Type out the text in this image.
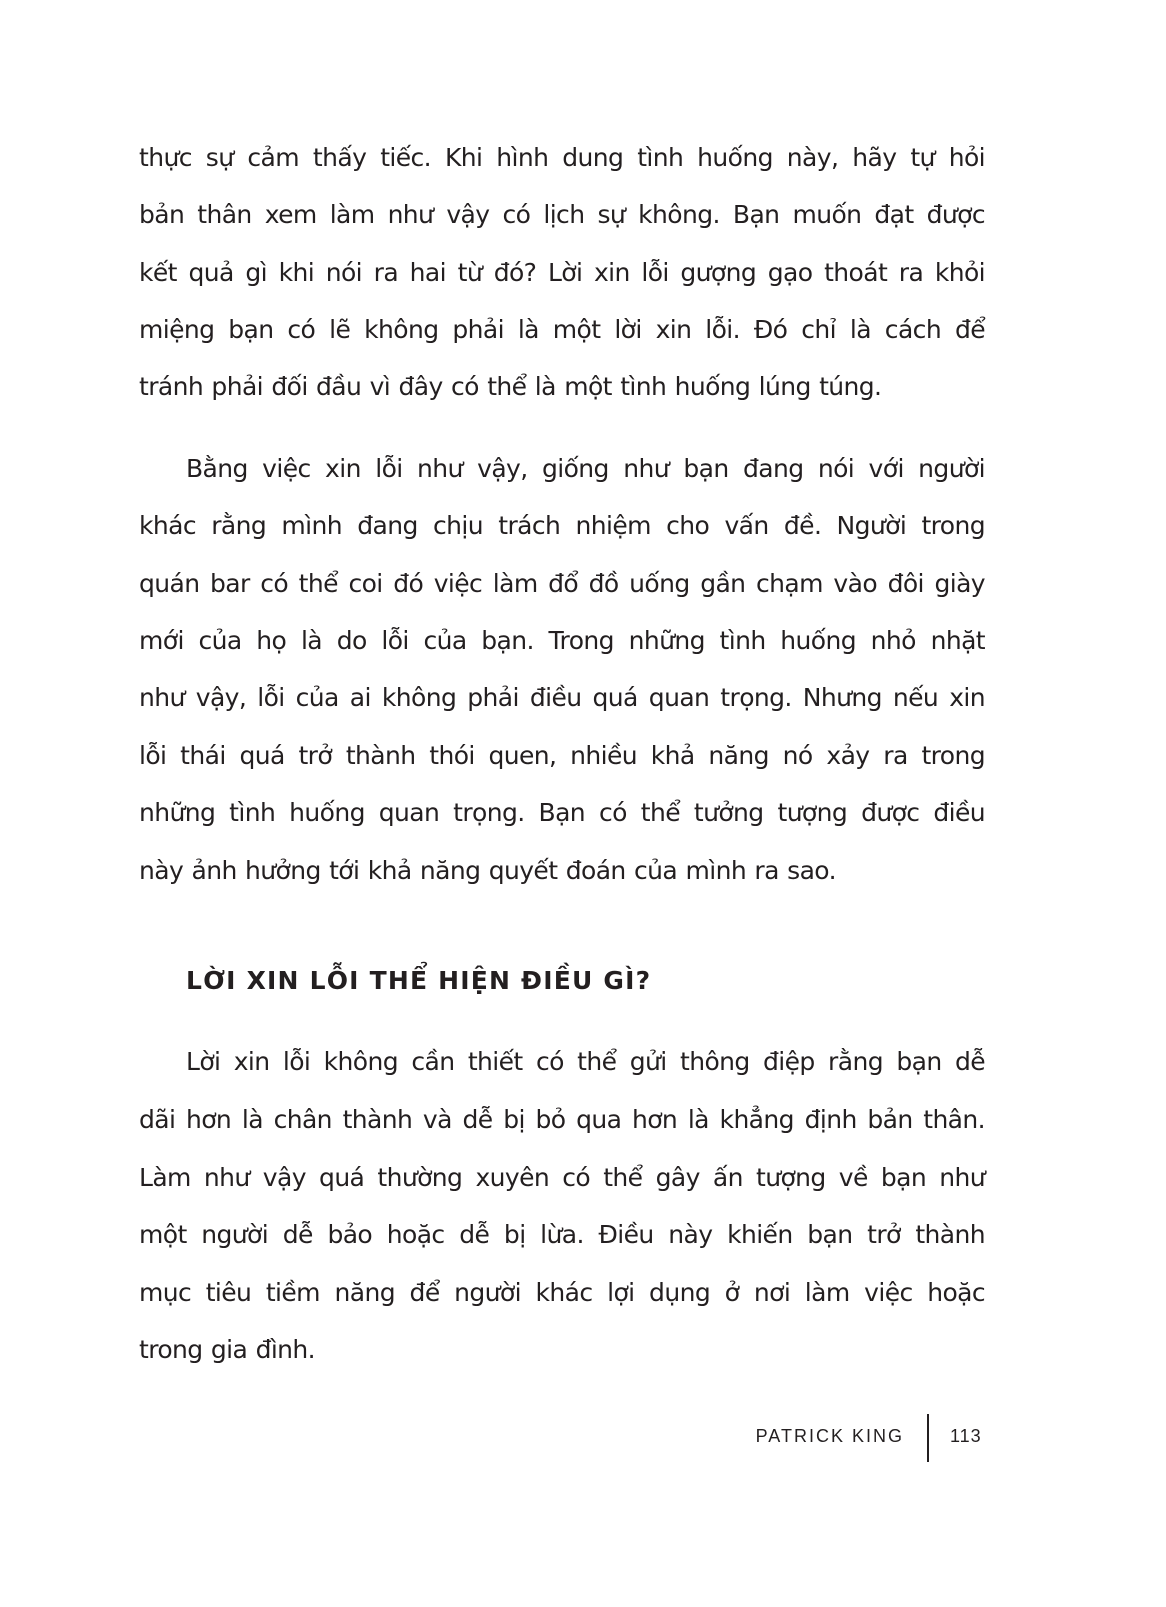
thực sự cảm thấy tiếc. Khi hình dung tình huống này, hãy tự hỏi
bản thân xem làm như vậy có lịch sự không. Bạn muốn đạt được
kết quả gì khi nói ra hai từ đó? Lời xin lỗi gượng gạo thoát ra khỏi
miệng bạn có lẽ không phải là một lời xin lỗi. Đó chỉ là cách để
tránh phải đối đầu vì đây có thể là một tình huống lúng túng.
Bằng việc xin lỗi như vậy, giống như bạn đang nói với người
khác rằng mình đang chịu trách nhiệm cho vấn đề. Người trong
quán bar có thể coi đó việc làm đổ đồ uống gần chạm vào đôi giày
mới của họ là do lỗi của bạn. Trong những tình huống nhỏ nhặt
như vậy, lỗi của ai không phải điều quá quan trọng. Nhưng nếu xin
lỗi thái quá trở thành thói quen, nhiều khả năng nó xảy ra trong
những tình huống quan trọng. Bạn có thể tưởng tượng được điều
này ảnh hưởng tới khả năng quyết đoán của mình ra sao.
LỜI XIN LỖI THỂ HIỆN ĐIỀU GÌ?
Lời xin lỗi không cần thiết có thể gửi thông điệp rằng bạn dễ
dãi hơn là chân thành và dễ bị bỏ qua hơn là khẳng định bản thân.
Làm như vậy quá thường xuyên có thể gây ấn tượng về bạn như
một người dễ bảo hoặc dễ bị lừa. Điều này khiến bạn trở thành
mục tiêu tiềm năng để người khác lợi dụng ở nơi làm việc hoặc
trong gia đình.
PATRICK KING	113
